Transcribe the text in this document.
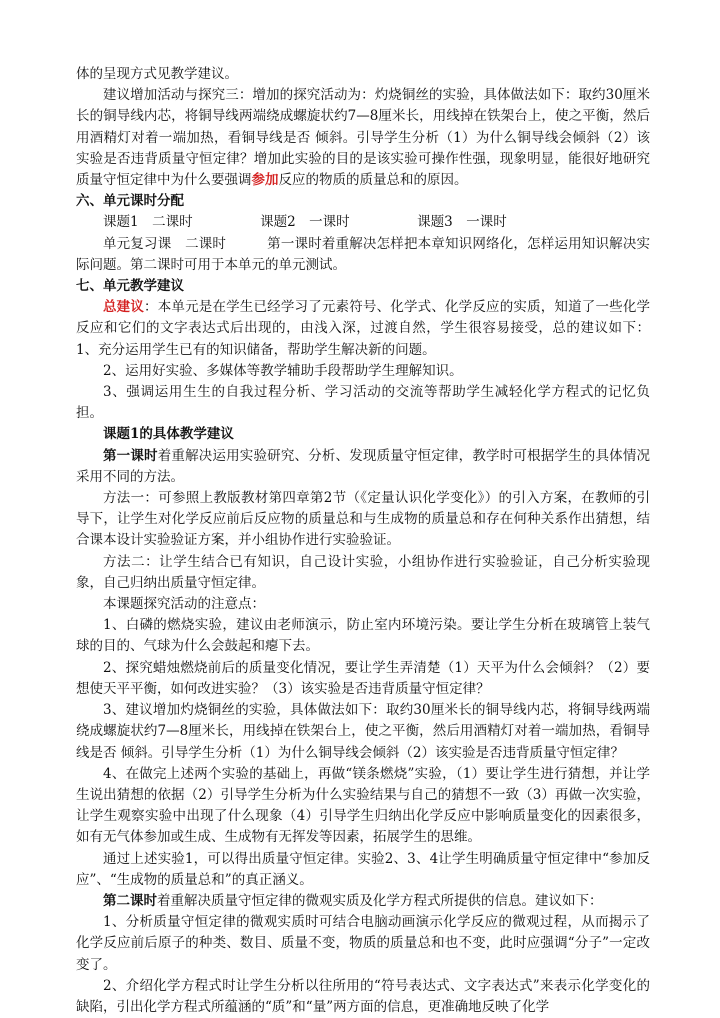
体的呈现方式见教学建议。

建议增加活动与探究三：增加的探究活动为：灼烧铜丝的实验，具体做法如下：取约30厘米长的铜导线内芯，将铜导线两端绕成螺旋状约7—8厘米长，用线掉在铁架台上，使之平衡，然后用酒精灯对着一端加热，看铜导线是否 倾斜。引导学生分析（1）为什么铜导线会倾斜（2）该实验是否违背质量守恒定律？增加此实验的目的是该实验可操作性强，现象明显，能很好地研究质量守恒定律中为什么要强调参加反应的物质的质量总和的原因。

六、单元课时分配

课题1　二课时　　　　　课题2　一课时　　　　　课题3　一课时

单元复习课　二课时　　　第一课时着重解决怎样把本章知识网络化，怎样运用知识解决实际问题。第二课时可用于本单元的单元测试。

七、单元教学建议

总建议：本单元是在学生已经学习了元素符号、化学式、化学反应的实质，知道了一些化学反应和它们的文字表达式后出现的，由浅入深，过渡自然，学生很容易接受，总的建议如下：1、充分运用学生已有的知识储备，帮助学生解决新的问题。

2、运用好实验、多媒体等教学辅助手段帮助学生理解知识。

3、强调运用生生的自我过程分析、学习活动的交流等帮助学生减轻化学方程式的记忆负担。

课题1的具体教学建议

第一课时着重解决运用实验研究、分析、发现质量守恒定律，教学时可根据学生的具体情况采用不同的方法。

方法一：可参照上教版教材第四章第2节（《定量认识化学变化》）的引入方案，在教师的引导下，让学生对化学反应前后反应物的质量总和与生成物的质量总和存在何种关系作出猜想，结合课本设计实验验证方案，并小组协作进行实验验证。

方法二：让学生结合已有知识，自己设计实验，小组协作进行实验验证，自己分析实验现象，自己归纳出质量守恒定律。

本课题探究活动的注意点：

1、白磷的燃烧实验，建议由老师演示，防止室内环境污染。要让学生分析在玻璃管上装气球的目的、气球为什么会鼓起和瘪下去。

2、探究蜡烛燃烧前后的质量变化情况，要让学生弄清楚（1）天平为什么会倾斜？（2）要想使天平平衡，如何改进实验？（3）该实验是否违背质量守恒定律？

3、建议增加灼烧铜丝的实验，具体做法如下：取约30厘米长的铜导线内芯，将铜导线两端绕成螺旋状约7—8厘米长，用线掉在铁架台上，使之平衡，然后用酒精灯对着一端加热，看铜导线是否 倾斜。引导学生分析（1）为什么铜导线会倾斜（2）该实验是否违背质量守恒定律？

4、在做完上述两个实验的基础上，再做“镁条燃烧”实验，（1）要让学生进行猜想，并让学生说出猜想的依据（2）引导学生分析为什么实验结果与自己的猜想不一致（3）再做一次实验，让学生观察实验中出现了什么现象（4）引导学生归纳出化学反应中影响质量变化的因素很多，如有无气体参加或生成、生成物有无挥发等因素，拓展学生的思维。

通过上述实验1，可以得出质量守恒定律。实验2、3、4让学生明确质量守恒定律中“参加反应”、“生成物的质量总和”的真正涵义。

第二课时着重解决质量守恒定律的微观实质及化学方程式所提供的信息。建议如下：

1、分析质量守恒定律的微观实质时可结合电脑动画演示化学反应的微观过程，从而揭示了化学反应前后原子的种类、数目、质量不变，物质的质量总和也不变，此时应强调“分子”一定改变了。

2、介绍化学方程式时让学生分析以往所用的“符号表达式、文字表达式”来表示化学变化的缺陷，引出化学方程式所蕴涵的“质”和“量”两方面的信息，更准确地反映了化学
